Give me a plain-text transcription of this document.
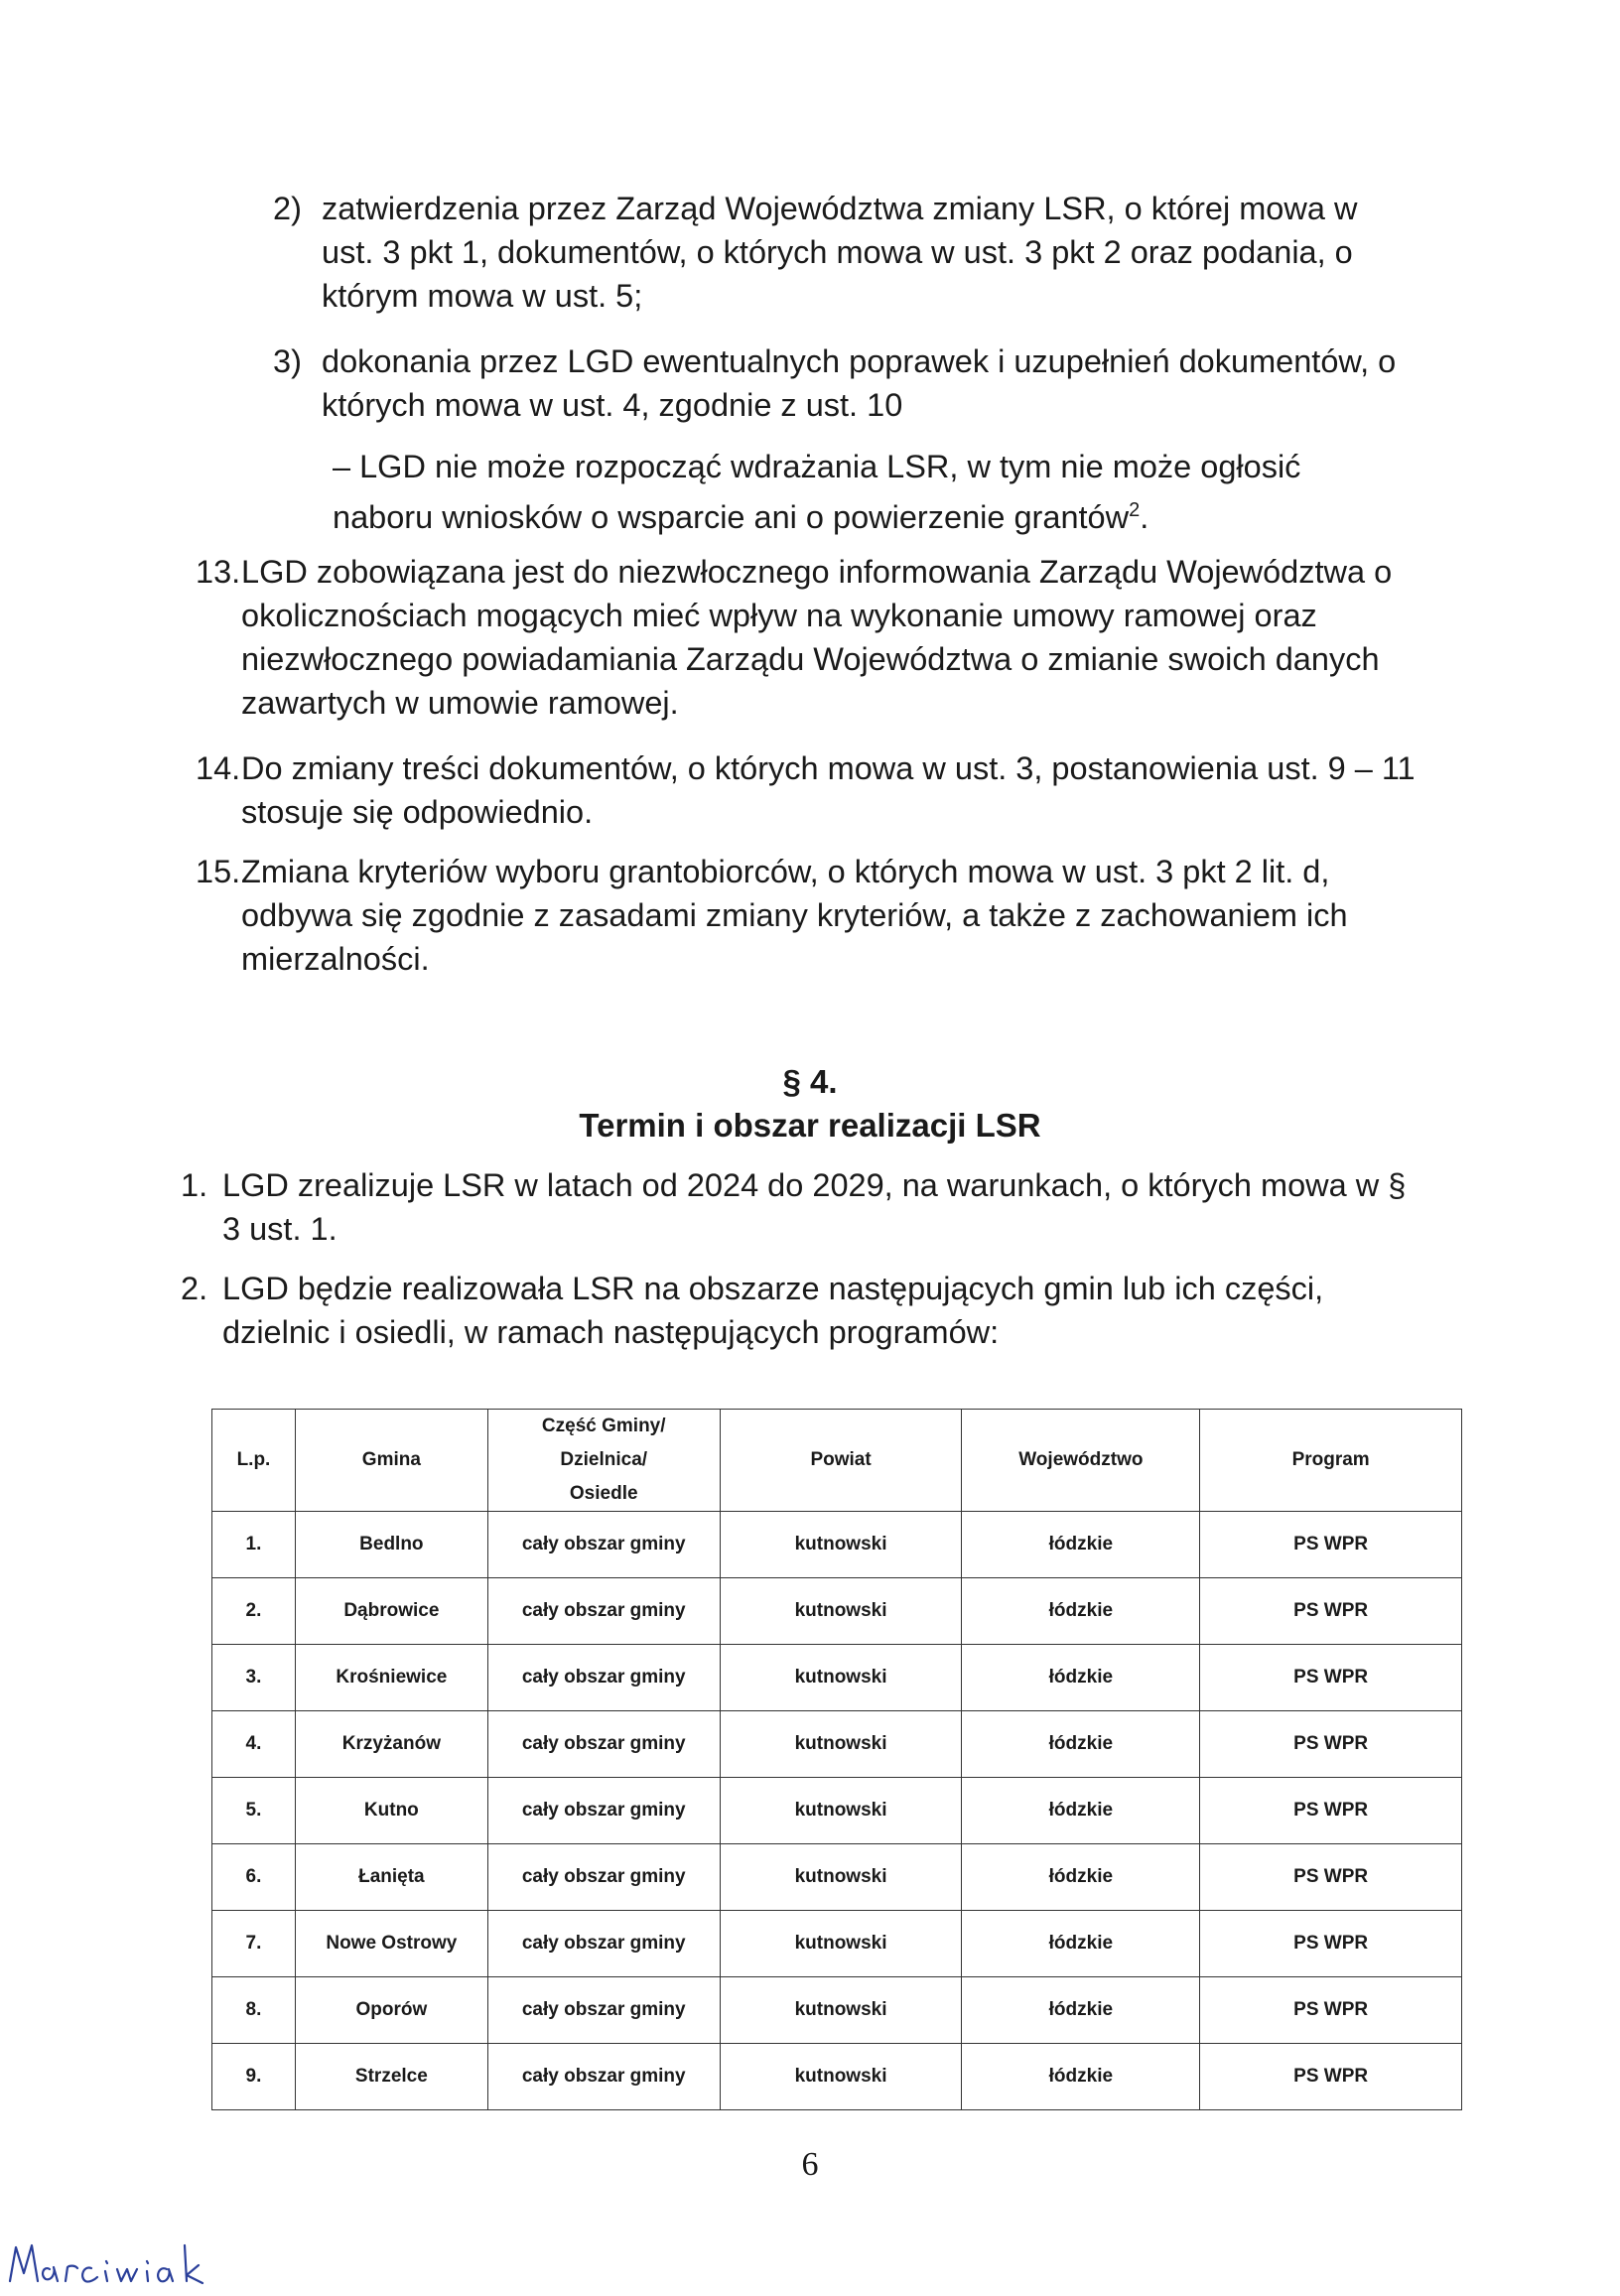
2) zatwierdzenia przez Zarząd Województwa zmiany LSR, o której mowa w ust. 3 pkt 1, dokumentów, o których mowa w ust. 3 pkt 2 oraz podania, o którym mowa w ust. 5;
3) dokonania przez LGD ewentualnych poprawek i uzupełnień dokumentów, o których mowa w ust. 4, zgodnie z ust. 10
– LGD nie może rozpocząć wdrażania LSR, w tym nie może ogłosić naboru wniosków o wsparcie ani o powierzenie grantów$^2$.
13. LGD zobowiązana jest do niezwłocznego informowania Zarządu Województwa o okolicznościach mogących mieć wpływ na wykonanie umowy ramowej oraz niezwłocznego powiadamiania Zarządu Województwa o zmianie swoich danych zawartych w umowie ramowej.
14. Do zmiany treści dokumentów, o których mowa w ust. 3, postanowienia ust. 9 – 11 stosuje się odpowiednio.
15. Zmiana kryteriów wyboru grantobiorców, o których mowa w ust. 3 pkt 2 lit. d, odbywa się zgodnie z zasadami zmiany kryteriów, a także z zachowaniem ich mierzalności.
§ 4.
Termin i obszar realizacji LSR
1. LGD zrealizuje LSR w latach od 2024 do 2029, na warunkach, o których mowa w § 3 ust. 1.
2. LGD będzie realizowała LSR na obszarze następujących gmin lub ich części, dzielnic i osiedli, w ramach następujących programów:
L.p.	Gmina	Część Gminy/ Dzielnica/ Osiedle	Powiat	Województwo	Program
1.	Bedlno	cały obszar gminy	kutnowski	łódzkie	PS WPR
2.	Dąbrowice	cały obszar gminy	kutnowski	łódzkie	PS WPR
3.	Krośniewice	cały obszar gminy	kutnowski	łódzkie	PS WPR
4.	Krzyżanów	cały obszar gminy	kutnowski	łódzkie	PS WPR
5.	Kutno	cały obszar gminy	kutnowski	łódzkie	PS WPR
6.	Łanięta	cały obszar gminy	kutnowski	łódzkie	PS WPR
7.	Nowe Ostrowy	cały obszar gminy	kutnowski	łódzkie	PS WPR
8.	Oporów	cały obszar gminy	kutnowski	łódzkie	PS WPR
9.	Strzelce	cały obszar gminy	kutnowski	łódzkie	PS WPR
6
